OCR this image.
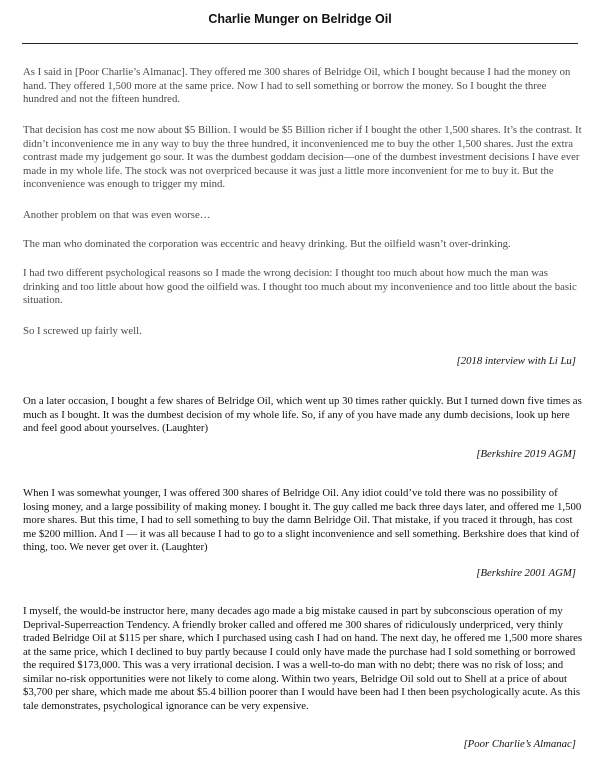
Charlie Munger on Belridge Oil

As I said in [Poor Charlie’s Almanac]. They offered me 300 shares of Belridge Oil, which I bought because I had the money on hand. They offered 1,500 more at the same price. Now I had to sell something or borrow the money. So I bought the three hundred and not the fifteen hundred.

That decision has cost me now about $5 Billion. I would be $5 Billion richer if I bought the other 1,500 shares. It’s the contrast. It didn’t inconvenience me in any way to buy the three hundred, it inconvenienced me to buy the other 1,500 shares. Just the extra contrast made my judgement go sour. It was the dumbest goddam decision—one of the dumbest investment decisions I have ever made in my whole life. The stock was not overpriced because it was just a little more inconvenient for me to buy it. But the inconvenience was enough to trigger my mind.

Another problem on that was even worse…

The man who dominated the corporation was eccentric and heavy drinking. But the oilfield wasn’t over-drinking.

I had two different psychological reasons so I made the wrong decision: I thought too much about how much the man was drinking and too little about how good the oilfield was. I thought too much about my inconvenience and too little about the basic situation.

So I screwed up fairly well.

[2018 interview with Li Lu]

On a later occasion, I bought a few shares of Belridge Oil, which went up 30 times rather quickly. But I turned down five times as much as I bought. It was the dumbest decision of my whole life. So, if any of you have made any dumb decisions, look up here and feel good about yourselves. (Laughter)

[Berkshire 2019 AGM]

When I was somewhat younger, I was offered 300 shares of Belridge Oil. Any idiot could’ve told there was no possibility of losing money, and a large possibility of making money. I bought it. The guy called me back three days later, and offered me 1,500 more shares. But this time, I had to sell something to buy the damn Belridge Oil. That mistake, if you traced it through, has cost me $200 million. And I — it was all because I had to go to a slight inconvenience and sell something. Berkshire does that kind of thing, too. We never get over it. (Laughter)

[Berkshire 2001 AGM]

I myself, the would-be instructor here, many decades ago made a big mistake caused in part by subconscious operation of my Deprival-Superreaction Tendency. A friendly broker called and offered me 300 shares of ridiculously underpriced, very thinly traded Belridge Oil at $115 per share, which I purchased using cash I had on hand. The next day, he offered me 1,500 more shares at the same price, which I declined to buy partly because I could only have made the purchase had I sold something or borrowed the required $173,000. This was a very irrational decision. I was a well-to-do man with no debt; there was no risk of loss; and similar no-risk opportunities were not likely to come along. Within two years, Belridge Oil sold out to Shell at a price of about $3,700 per share, which made me about $5.4 billion poorer than I would have been had I then been psychologically acute. As this tale demonstrates, psychological ignorance can be very expensive.

[Poor Charlie’s Almanac]
